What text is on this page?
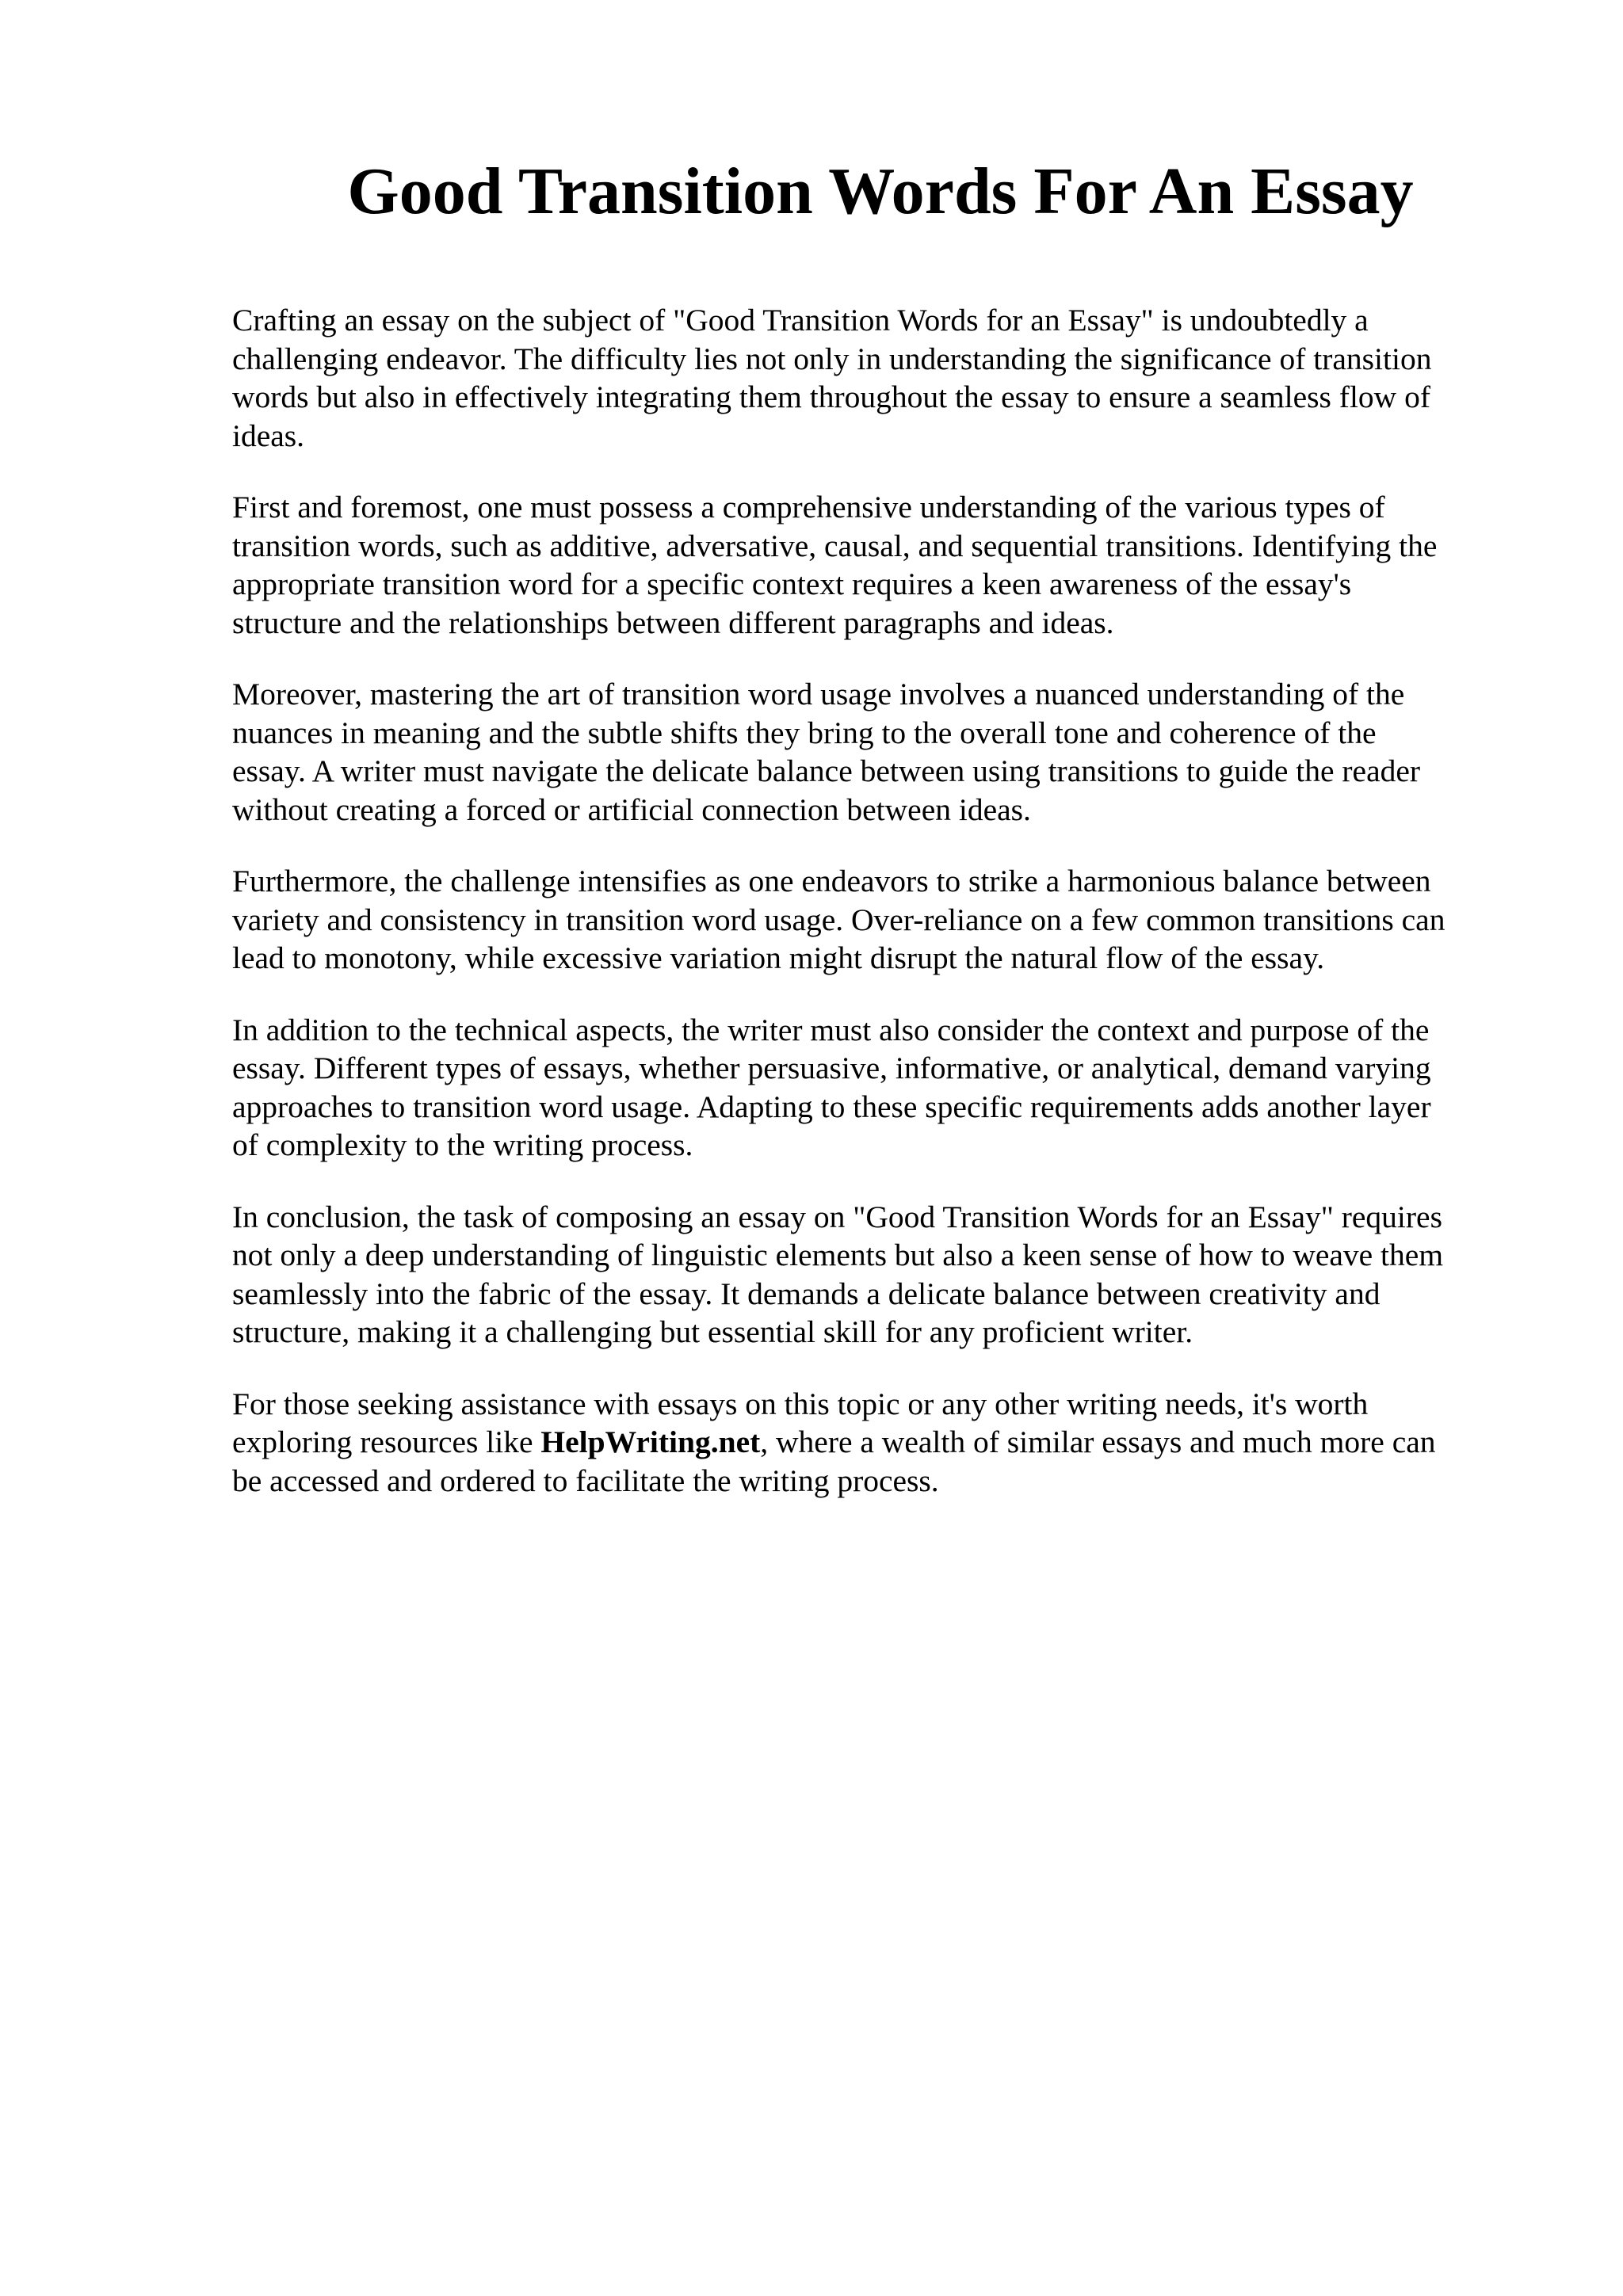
Good Transition Words For An Essay

Crafting an essay on the subject of "Good Transition Words for an Essay" is undoubtedly a
challenging endeavor. The difficulty lies not only in understanding the significance of transition
words but also in effectively integrating them throughout the essay to ensure a seamless flow of
ideas.

First and foremost, one must possess a comprehensive understanding of the various types of
transition words, such as additive, adversative, causal, and sequential transitions. Identifying the
appropriate transition word for a specific context requires a keen awareness of the essay's
structure and the relationships between different paragraphs and ideas.

Moreover, mastering the art of transition word usage involves a nuanced understanding of the
nuances in meaning and the subtle shifts they bring to the overall tone and coherence of the
essay. A writer must navigate the delicate balance between using transitions to guide the reader
without creating a forced or artificial connection between ideas.

Furthermore, the challenge intensifies as one endeavors to strike a harmonious balance between
variety and consistency in transition word usage. Over-reliance on a few common transitions can
lead to monotony, while excessive variation might disrupt the natural flow of the essay.

In addition to the technical aspects, the writer must also consider the context and purpose of the
essay. Different types of essays, whether persuasive, informative, or analytical, demand varying
approaches to transition word usage. Adapting to these specific requirements adds another layer
of complexity to the writing process.

In conclusion, the task of composing an essay on "Good Transition Words for an Essay" requires
not only a deep understanding of linguistic elements but also a keen sense of how to weave them
seamlessly into the fabric of the essay. It demands a delicate balance between creativity and
structure, making it a challenging but essential skill for any proficient writer.

For those seeking assistance with essays on this topic or any other writing needs, it's worth
exploring resources like HelpWriting.net, where a wealth of similar essays and much more can
be accessed and ordered to facilitate the writing process.
